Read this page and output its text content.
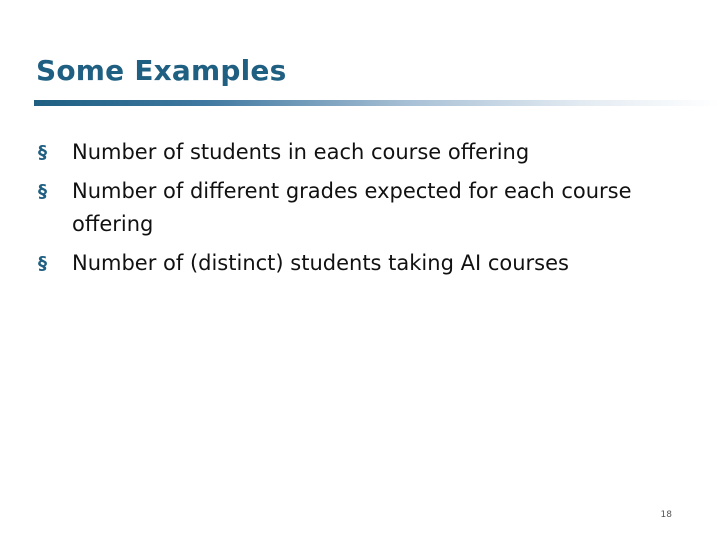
Some Examples
§ Number of students in each course offering
§ Number of different grades expected for each course offering
§ Number of (distinct) students taking AI courses
18
